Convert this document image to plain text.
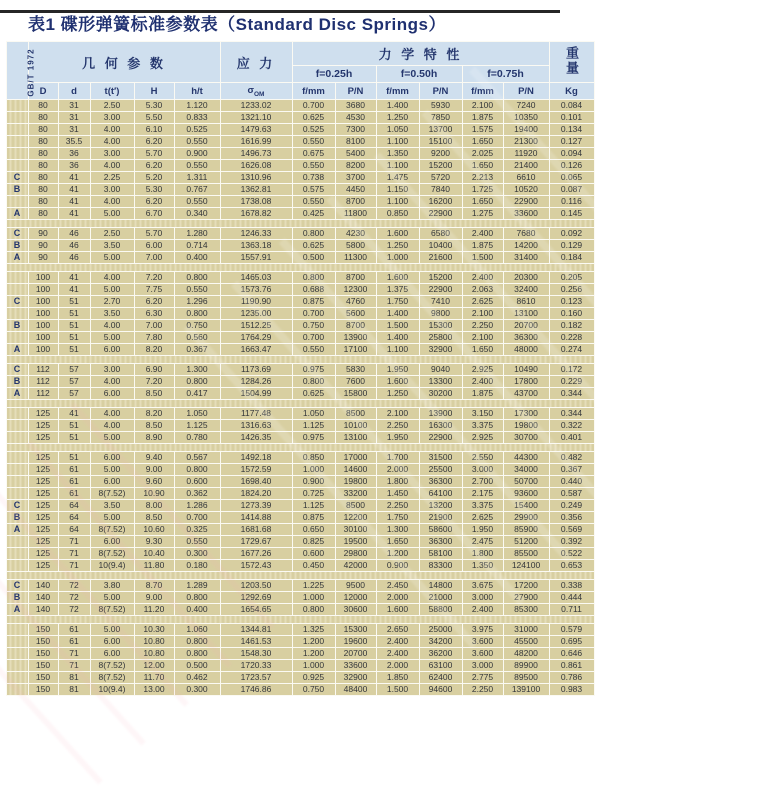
表1 碟形弹簧标准参数表（Standard Disc Springs）
GB/T 1972	几 何 参 数					应 力	力 学 特 性						重量
							f=0.25h		f=0.50h		f=0.75h		
	D	d	t(t′)	H	h/t	$\sigma_{OM}$	f/mm	P/N	f/mm	P/N	f/mm	P/N	Kg
	80	31	2.50	5.30	1.120	1233.02	0.700	3680	1.400	5930	2.100	7240	0.084
	80	31	3.00	5.50	0.833	1321.10	0.625	4530	1.250	7850	1.875	10350	0.101
	80	31	4.00	6.10	0.525	1479.63	0.525	7300	1.050	13700	1.575	19400	0.134
	80	35.5	4.00	6.20	0.550	1616.99	0.550	8100	1.100	15100	1.650	21300	0.127
	80	36	3.00	5.70	0.900	1496.73	0.675	5400	1.350	9200	2.025	11920	0.094
	80	36	4.00	6.20	0.550	1626.08	0.550	8200	1.100	15200	1.650	21400	0.126
C	80	41	2.25	5.20	1.311	1310.96	0.738	3700	1.475	5720	2.213	6610	0.065
B	80	41	3.00	5.30	0.767	1362.81	0.575	4450	1.150	7840	1.725	10520	0.087
	80	41	4.00	6.20	0.550	1738.08	0.550	8700	1.100	16200	1.650	22900	0.116
A	80	41	5.00	6.70	0.340	1678.82	0.425	11800	0.850	22900	1.275	33600	0.145

C	90	46	2.50	5.70	1.280	1246.33	0.800	4230	1.600	6580	2.400	7680	0.092
B	90	46	3.50	6.00	0.714	1363.18	0.625	5800	1.250	10400	1.875	14200	0.129
A	90	46	5.00	7.00	0.400	1557.91	0.500	11300	1.000	21600	1.500	31400	0.184

	100	41	4.00	7.20	0.800	1465.03	0.800	8700	1.600	15200	2.400	20300	0.205
	100	41	5.00	7.75	0.550	1573.76	0.688	12300	1.375	22900	2.063	32400	0.256
C	100	51	2.70	6.20	1.296	1190.90	0.875	4760	1.750	7410	2.625	8610	0.123
	100	51	3.50	6.30	0.800	1235.00	0.700	5600	1.400	9800	2.100	13100	0.160
B	100	51	4.00	7.00	0.750	1512.25	0.750	8700	1.500	15300	2.250	20700	0.182
	100	51	5.00	7.80	0.560	1764.29	0.700	13900	1.400	25800	2.100	36300	0.228
A	100	51	6.00	8.20	0.367	1663.47	0.550	17100	1.100	32900	1.650	48000	0.274

C	112	57	3.00	6.90	1.300	1173.69	0.975	5830	1.950	9040	2.925	10490	0.172
B	112	57	4.00	7.20	0.800	1284.26	0.800	7600	1.600	13300	2.400	17800	0.229
A	112	57	6.00	8.50	0.417	1504.99	0.625	15800	1.250	30200	1.875	43700	0.344

	125	41	4.00	8.20	1.050	1177.48	1.050	8500	2.100	13900	3.150	17300	0.344
	125	51	4.00	8.50	1.125	1316.63	1.125	10100	2.250	16300	3.375	19800	0.322
	125	51	5.00	8.90	0.780	1426.35	0.975	13100	1.950	22900	2.925	30700	0.401

	125	51	6.00	9.40	0.567	1492.18	0.850	17000	1.700	31500	2.550	44300	0.482
	125	61	5.00	9.00	0.800	1572.59	1.000	14600	2.000	25500	3.000	34000	0.367
	125	61	6.00	9.60	0.600	1698.40	0.900	19800	1.800	36300	2.700	50700	0.440
	125	61	8(7.52)	10.90	0.362	1824.20	0.725	33200	1.450	64100	2.175	93600	0.587
C	125	64	3.50	8.00	1.286	1273.39	1.125	8500	2.250	13200	3.375	15400	0.249
B	125	64	5.00	8.50	0.700	1414.88	0.875	12200	1.750	21900	2.625	29900	0.356
A	125	64	8(7.52)	10.60	0.325	1681.68	0.650	30100	1.300	58600	1.950	85900	0.569
	125	71	6.00	9.30	0.550	1729.67	0.825	19500	1.650	36300	2.475	51200	0.392
	125	71	8(7.52)	10.40	0.300	1677.26	0.600	29800	1.200	58100	1.800	85500	0.522
	125	71	10(9.4)	11.80	0.180	1572.43	0.450	42000	0.900	83300	1.350	124100	0.653

C	140	72	3.80	8.70	1.289	1203.50	1.225	9500	2.450	14800	3.675	17200	0.338
B	140	72	5.00	9.00	0.800	1292.69	1.000	12000	2.000	21000	3.000	27900	0.444
A	140	72	8(7.52)	11.20	0.400	1654.65	0.800	30600	1.600	58800	2.400	85300	0.711

	150	61	5.00	10.30	1.060	1344.81	1.325	15300	2.650	25000	3.975	31000	0.579
	150	61	6.00	10.80	0.800	1461.53	1.200	19600	2.400	34200	3.600	45500	0.695
	150	71	6.00	10.80	0.800	1548.30	1.200	20700	2.400	36200	3.600	48200	0.646
	150	71	8(7.52)	12.00	0.500	1720.33	1.000	33600	2.000	63100	3.000	89900	0.861
	150	81	8(7.52)	11.70	0.462	1723.57	0.925	32900	1.850	62400	2.775	89500	0.786
	150	81	10(9.4)	13.00	0.300	1746.86	0.750	48400	1.500	94600	2.250	139100	0.983
